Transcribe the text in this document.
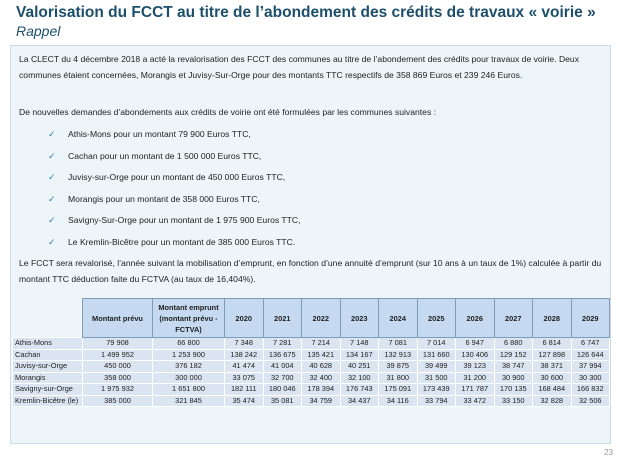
Valorisation du FCCT au titre de l’abondement des crédits de travaux « voirie »
Rappel
La CLECT du 4 décembre 2018 a acté la revalorisation des FCCT des communes au titre de l’abondement des crédits pour travaux de voirie. Deux communes étaient concernées, Morangis et Juvisy-Sur-Orge pour des montants TTC respectifs de 358 869 Euros et 239 246 Euros.
De nouvelles demandes d’abondements aux crédits de voirie ont été formulées par les communes suivantes :
✓ Athis-Mons pour un montant 79 900 Euros TTC,
✓ Cachan pour un montant de 1 500 000 Euros TTC,
✓ Juvisy-sur-Orge pour un montant de 450 000 Euros TTC,
✓ Morangis pour un montant de 358 000 Euros TTC,
✓ Savigny-Sur-Orge pour un montant de 1 975 900 Euros TTC,
✓ Le Kremlin-Bicêtre pour un montant de 385 000 Euros TTC.
Le FCCT sera revalorisé, l’année suivant la mobilisation d’emprunt, en fonction d’une annuité d’emprunt (sur 10 ans à un taux de 1%) calculée à partir du montant TTC déduction faite du FCTVA (au taux de 16,404%).
	Montant prévu	Montant emprunt (montant prévu - FCTVA)	2020	2021	2022	2023	2024	2025	2026	2027	2028	2029
Athis-Mons	79 908	66 800	7 348	7 281	7 214	7 148	7 081	7 014	6 947	6 880	6 814	6 747
Cachan	1 499 952	1 253 900	138 242	136 675	135 421	134 167	132 913	131 660	130 406	129 152	127 898	126 644
Juvisy-sur-Orge	450 000	376 182	41 474	41 004	40 628	40 251	39 875	39 499	39 123	38 747	38 371	37 994
Morangis	358 000	300 000	33 075	32 700	32 400	32 100	31 800	31 500	31 200	30 900	30 600	30 300
Savigny-sur-Orge	1 975 932	1 651 800	182 111	180 046	178 394	176 743	175 091	173 439	171 787	170 135	168 484	166 832
Kremlin-Bicêtre (le)	385 000	321 845	35 474	35 081	34 759	34 437	34 116	33 794	33 472	33 150	32 828	32 506
23
